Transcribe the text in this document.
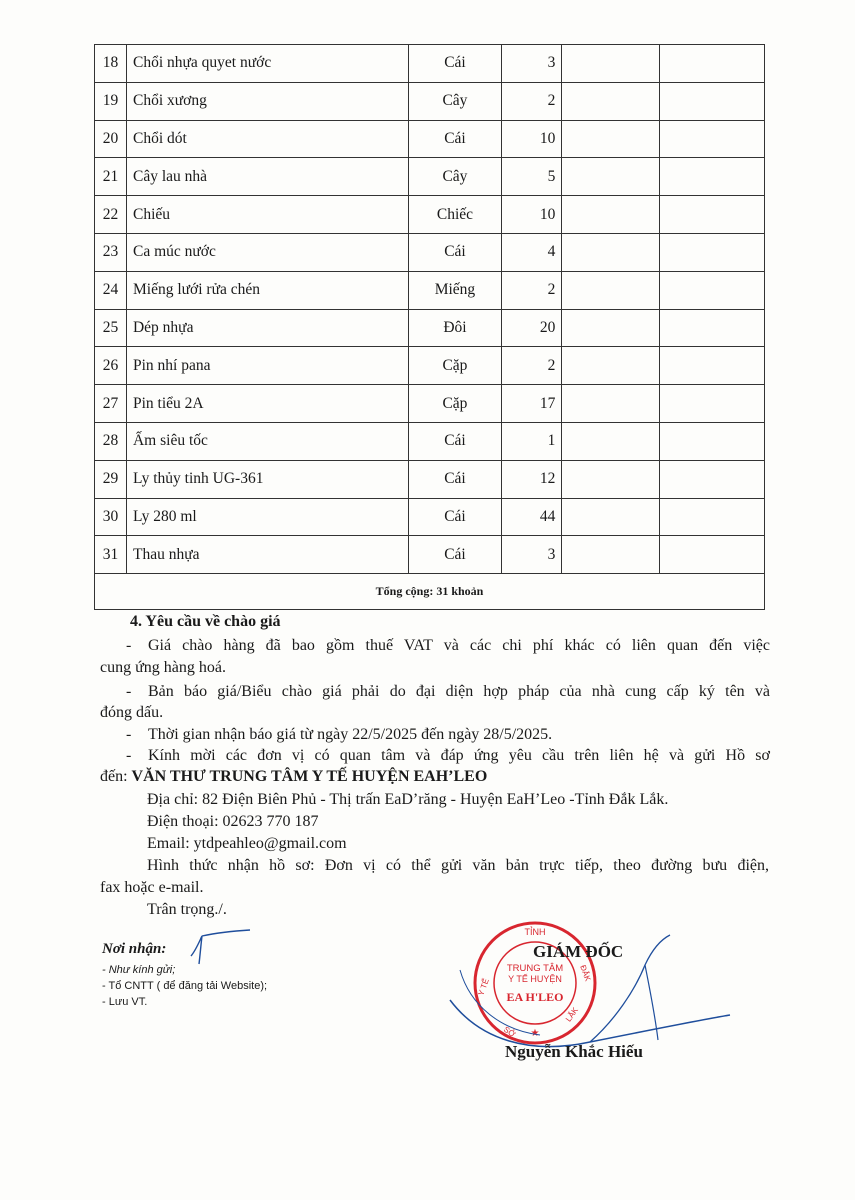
18	Chổi nhựa quyet nước	Cái	3		
19	Chổi xương	Cây	2		
20	Chổi dót	Cái	10		
21	Cây lau nhà	Cây	5		
22	Chiếu	Chiếc	10		
23	Ca múc nước	Cái	4		
24	Miếng lưới rửa chén	Miếng	2		
25	Dép nhựa	Đôi	20		
26	Pin nhí pana	Cặp	2		
27	Pin tiểu 2A	Cặp	17		
28	Ấm siêu tốc	Cái	1		
29	Ly thủy tinh UG-361	Cái	12		
30	Ly 280 ml	Cái	44		
31	Thau nhựa	Cái	3		
Tổng cộng: 31 khoản					
4. Yêu cầu về chào giá
- Giá chào hàng đã bao gồm thuế VAT và các chi phí khác có liên quan đến việc
cung ứng hàng hoá.
- Bản báo giá/Biểu chào giá phải do đại diện hợp pháp của nhà cung cấp ký tên và
đóng dấu.
- Thời gian nhận báo giá từ ngày 22/5/2025 đến ngày 28/5/2025.
- Kính mời các đơn vị có quan tâm và đáp ứng yêu cầu trên liên hệ và gửi Hồ sơ
đến: VĂN THƯ TRUNG TÂM Y TẾ HUYỆN EAH’LEO
Địa chỉ: 82 Điện Biên Phủ - Thị trấn EaD’răng - Huyện EaH’Leo -Tỉnh Đắk Lắk.
Điện thoại: 02623 770 187
Email: ytdpeahleo@gmail.com
Hình thức nhận hồ sơ: Đơn vị có thể gửi văn bản trực tiếp, theo đường bưu điện,
fax hoặc e-mail.
Trân trọng./.
Nơi nhận:
- Như kính gửi;
- Tổ CNTT ( để đăng tải Website);
- Lưu VT.
TỈNH
TRUNG TÂM
Y TẾ HUYỆN
EA H'LEO
Y TẾ
ĐẮK
SỞ
LẮK
★
GIÁM ĐỐC
Nguyễn Khắc Hiếu
